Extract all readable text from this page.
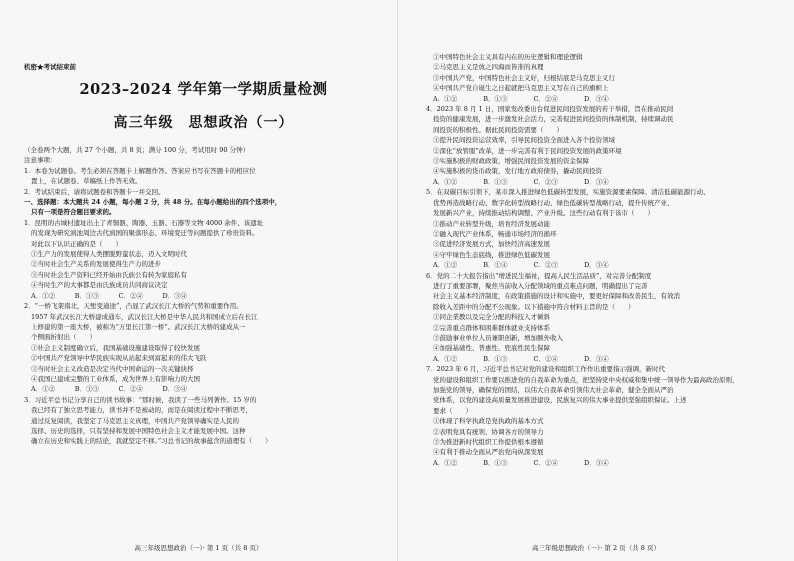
机密★考试结束前
2023–2024 学年第一学期质量检测
高三年级　思想政治（一）
（全卷两个大题，共 27 个小题，共 8 页；满分 100 分，考试用时 90 分钟）
注意事项：
1．本卷为试题卷。考生必须在答题卡上解题作答。答案应书写在答题卡的相应位
置上，在试题卷、草稿纸上作答无效。
2．考试结束后，请将试题卷和答题卡一并交回。
一、选择题：本大题共 24 小题，每小题 2 分，共 48 分。在每小题给出的四个选项中，
只有一项是符合题目要求的。
1．昆明的古城村遗址出土了青铜器、陶器、玉器、石器等文物 4000 余件，该遗址
的发现为研究滇池周边古代滇国的聚落形态、环境变迁等问题提供了珍贵资料。
对此以下认识正确的是（　　）
①生产力的发展使得人类摆脱野蛮状态，迈入文明时代
②当时社会生产关系的发展使得生产力的进步
③当时社会生产资料已经开始由氏族公有转为家庭私有
④当时生产的大事都是由氏族成员共同商议决定
A．①②　　　B．①③　　　C．②④　　　D．③④
2．“一桥飞架南北，天堑变通途”，凸显了武汉长江大桥的气势和重要作用。
1957 年武汉长江大桥建成通车，武汉长江大桥是中华人民共和国成立后在长江
上修建的第一座大桥，被称为“万里长江第一桥”。武汉长江大桥的建成从一
个侧面折射出（　　）
①社会主义制度确立后，我国基础设施建设取得了较快发展
②中国共产党领导中华民族实现从站起来到富起来的伟大飞跃
③当时社会主义改造是决定当代中国命运的一次关键抉择
④我国已建成完整的工业体系，成为世界上有影响力的大国
A．①②　　　B．①③　　　C．②④　　　D．③④
3．习近平总书记分享自己的读书故事：“那时候，我读了一些马列著作。15 岁的
我已经有了独立思考能力，读书并不是被动的，而是在阅读过程中不断思考，
通过反复阅读，我坚定了马克思主义真理，中国共产党领导确实是人民的
选择、历史的选择，只有坚持和发展中国特色社会主义才能发展中国。这种
确立在历史和实践上的结论，我就坚定不移。”习总书记的故事蕴含的道理有（　　）
高三年级思想政治（一）· 第 1 页（共 8 页）
①中国特色社会主义具有内在的历史逻辑和理论逻辑
②马克思主义是放之四海而皆准的真理
③中国共产党，中国特色社会主义好，归根结底是马克思主义行
④中国共产党自诞生之日起就把马克思主义写在自己的旗帜上
A．①②　　　　B．①③　　　　C．②④　　　　D．③④
4．2023 年 8 月 1 日，国家发改委出台促进民间投资发展的若干举措，旨在推动民间
投资的健康发展，进一步激发社会活力，完善促进民间投资的体制机制，持续调动民
间投资的积极性。据此民间投资需要（　　）
①提升民间投资运营效率，引导民间投资全面进入各个投资领域
②深化“放管服”改革，进一步完善有利于民间投资发展的政策环境
③实施积极的财政政策，增强民间投资发展的资金保障
④实施积极的货币政策，发行地方政府债券，撬动民间投资
A．①②　　　　B．①③　　　　C．②③　　　　D．③④
5．在双碳目标引领下，某市深入推进绿色低碳转型发展，实施资源要素保障、清洁低碳能源行动、
优势再造战略行动、数字化转型战略行动、绿色低碳转型战略行动，提升传统产业、
发展新兴产业，持续推动结构调整、产业升级。这些行动有利于该市（　　）
①推动产业转型升级，培育经济发展动能
②融入现代产业体系，畅通市场经济的循环
③促进经济发展方式，加快经济高速发展
④守牢绿色生态底线，推进绿色低碳发展
A．①②　　　　B．①④　　　　C．②③　　　　D．③④
6．党的二十大报告指出“增进民生福祉，提高人民生活品质”，对完善分配制度
进行了重要部署，聚焦当前收入分配领域的重点难点问题，明确提出了完善
社会主义基本经济制度，在政策措施的设计和实施中，要更好保障和改善民生，有效消
除收入差距中的分配不公现象。以下措施中符合材料主旨的是（　　）
①同企業教以及完全分配的科技人才倾斜
②完善重点群体和困难群体就业支持体系
③鼓励事业单位人员兼职创新，增加额外收入
④加强基础性、普惠性、兜底性民生保障
A．①②　　　　B．①③　　　　C．②④　　　　D．③④
7．2023 年 6 月，习近平总书记对党的建设和组织工作作出重要指示强调，新时代
党的建设和组织工作要以推进党的自我革命为重点，把坚持党中央权威和集中统一领导作为最高政治原则，
加强党的领导，确保党的团结，以伟大自我革命引领伟大社会革命，健全全面从严治
党体系，以党的建设高质量发展推进建设、民族复兴的伟大事业提供坚强组织保证。上述
要求（　　）
①体现了科学执政是党执政的基本方式
②表明党具有统领、协调各方的领导力
③为推进新时代组织工作提供根本遵循
④有利于推动全面从严治党向纵深发展
A．①②　　　　B．①③　　　　C．②④　　　　D．③④
高三年级思想政治（一）· 第 2 页（共 8 页）
